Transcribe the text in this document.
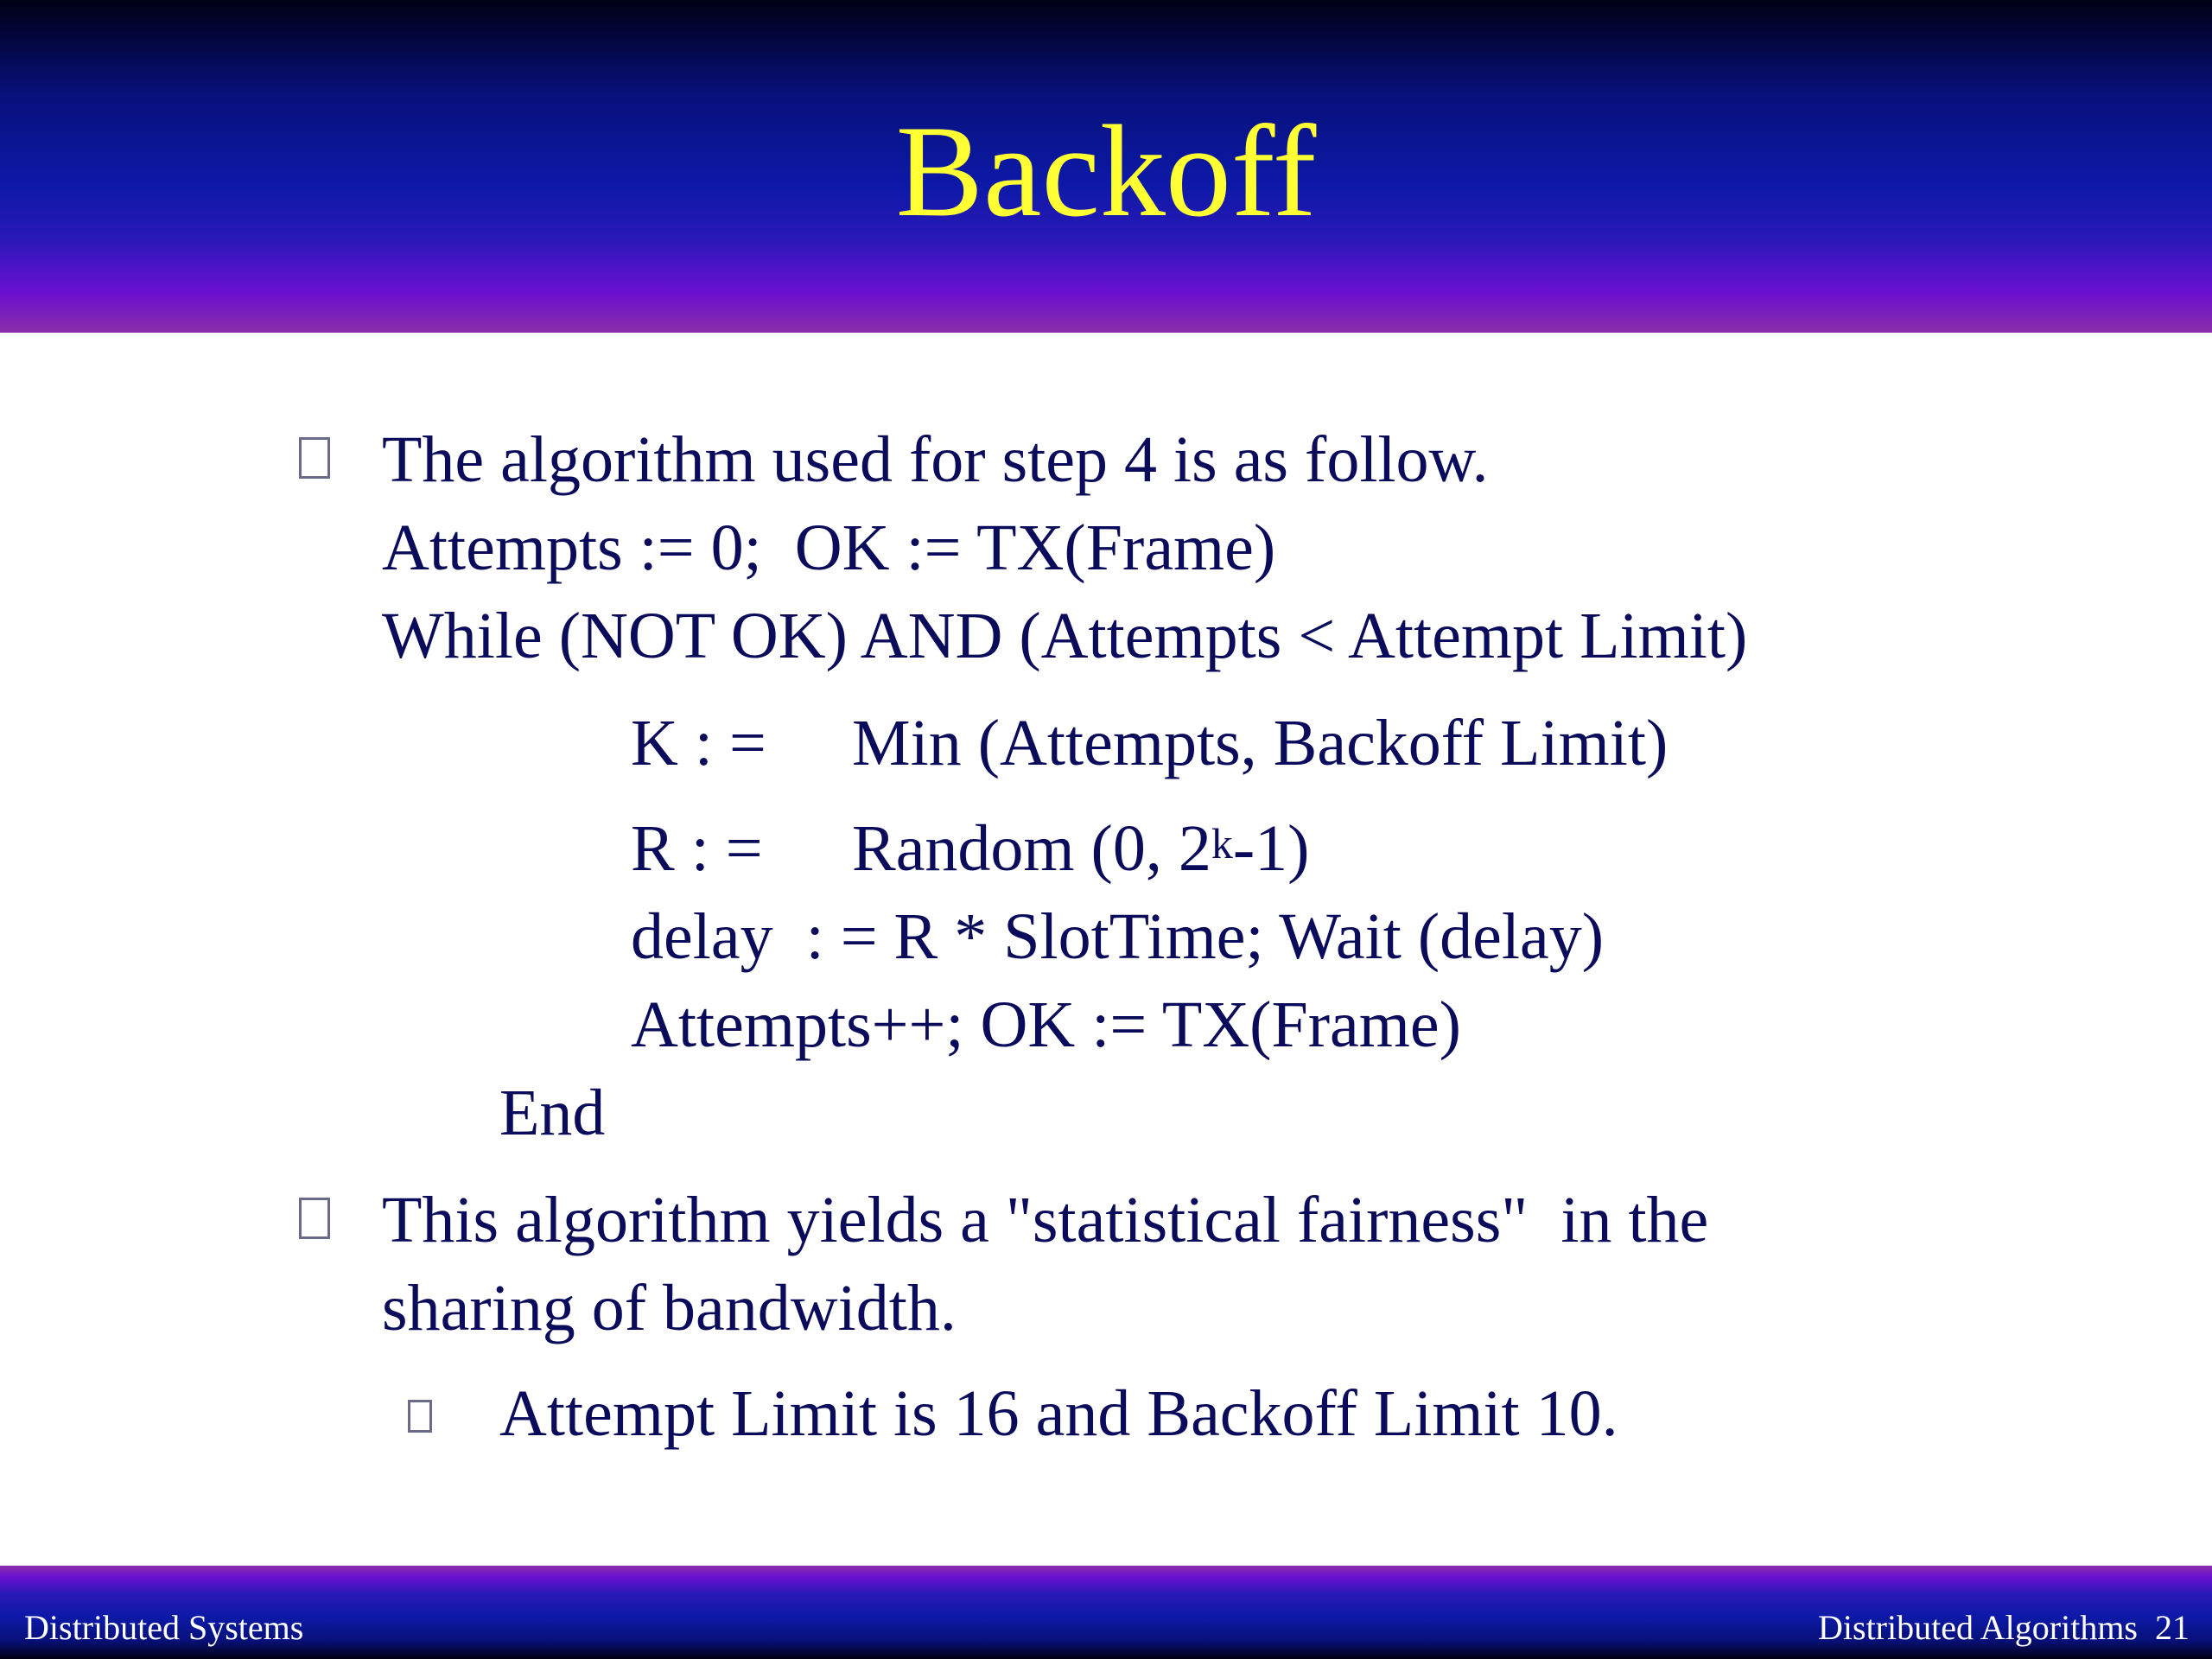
Backoff
The algorithm used for step 4 is as follow.
Attempts := 0;  OK := TX(Frame)
While (NOT OK) AND (Attempts < Attempt Limit)
K : = Min (Attempts, Backoff Limit)
R : = Random (0, 2$^k$-1)
delay  : = R * SlotTime; Wait (delay)
Attempts++; OK := TX(Frame)
End
This algorithm yields a "statistical fairness"  in the
sharing of bandwidth.
Attempt Limit is 16 and Backoff Limit 10.
Distributed Systems	Distributed Algorithms  21
